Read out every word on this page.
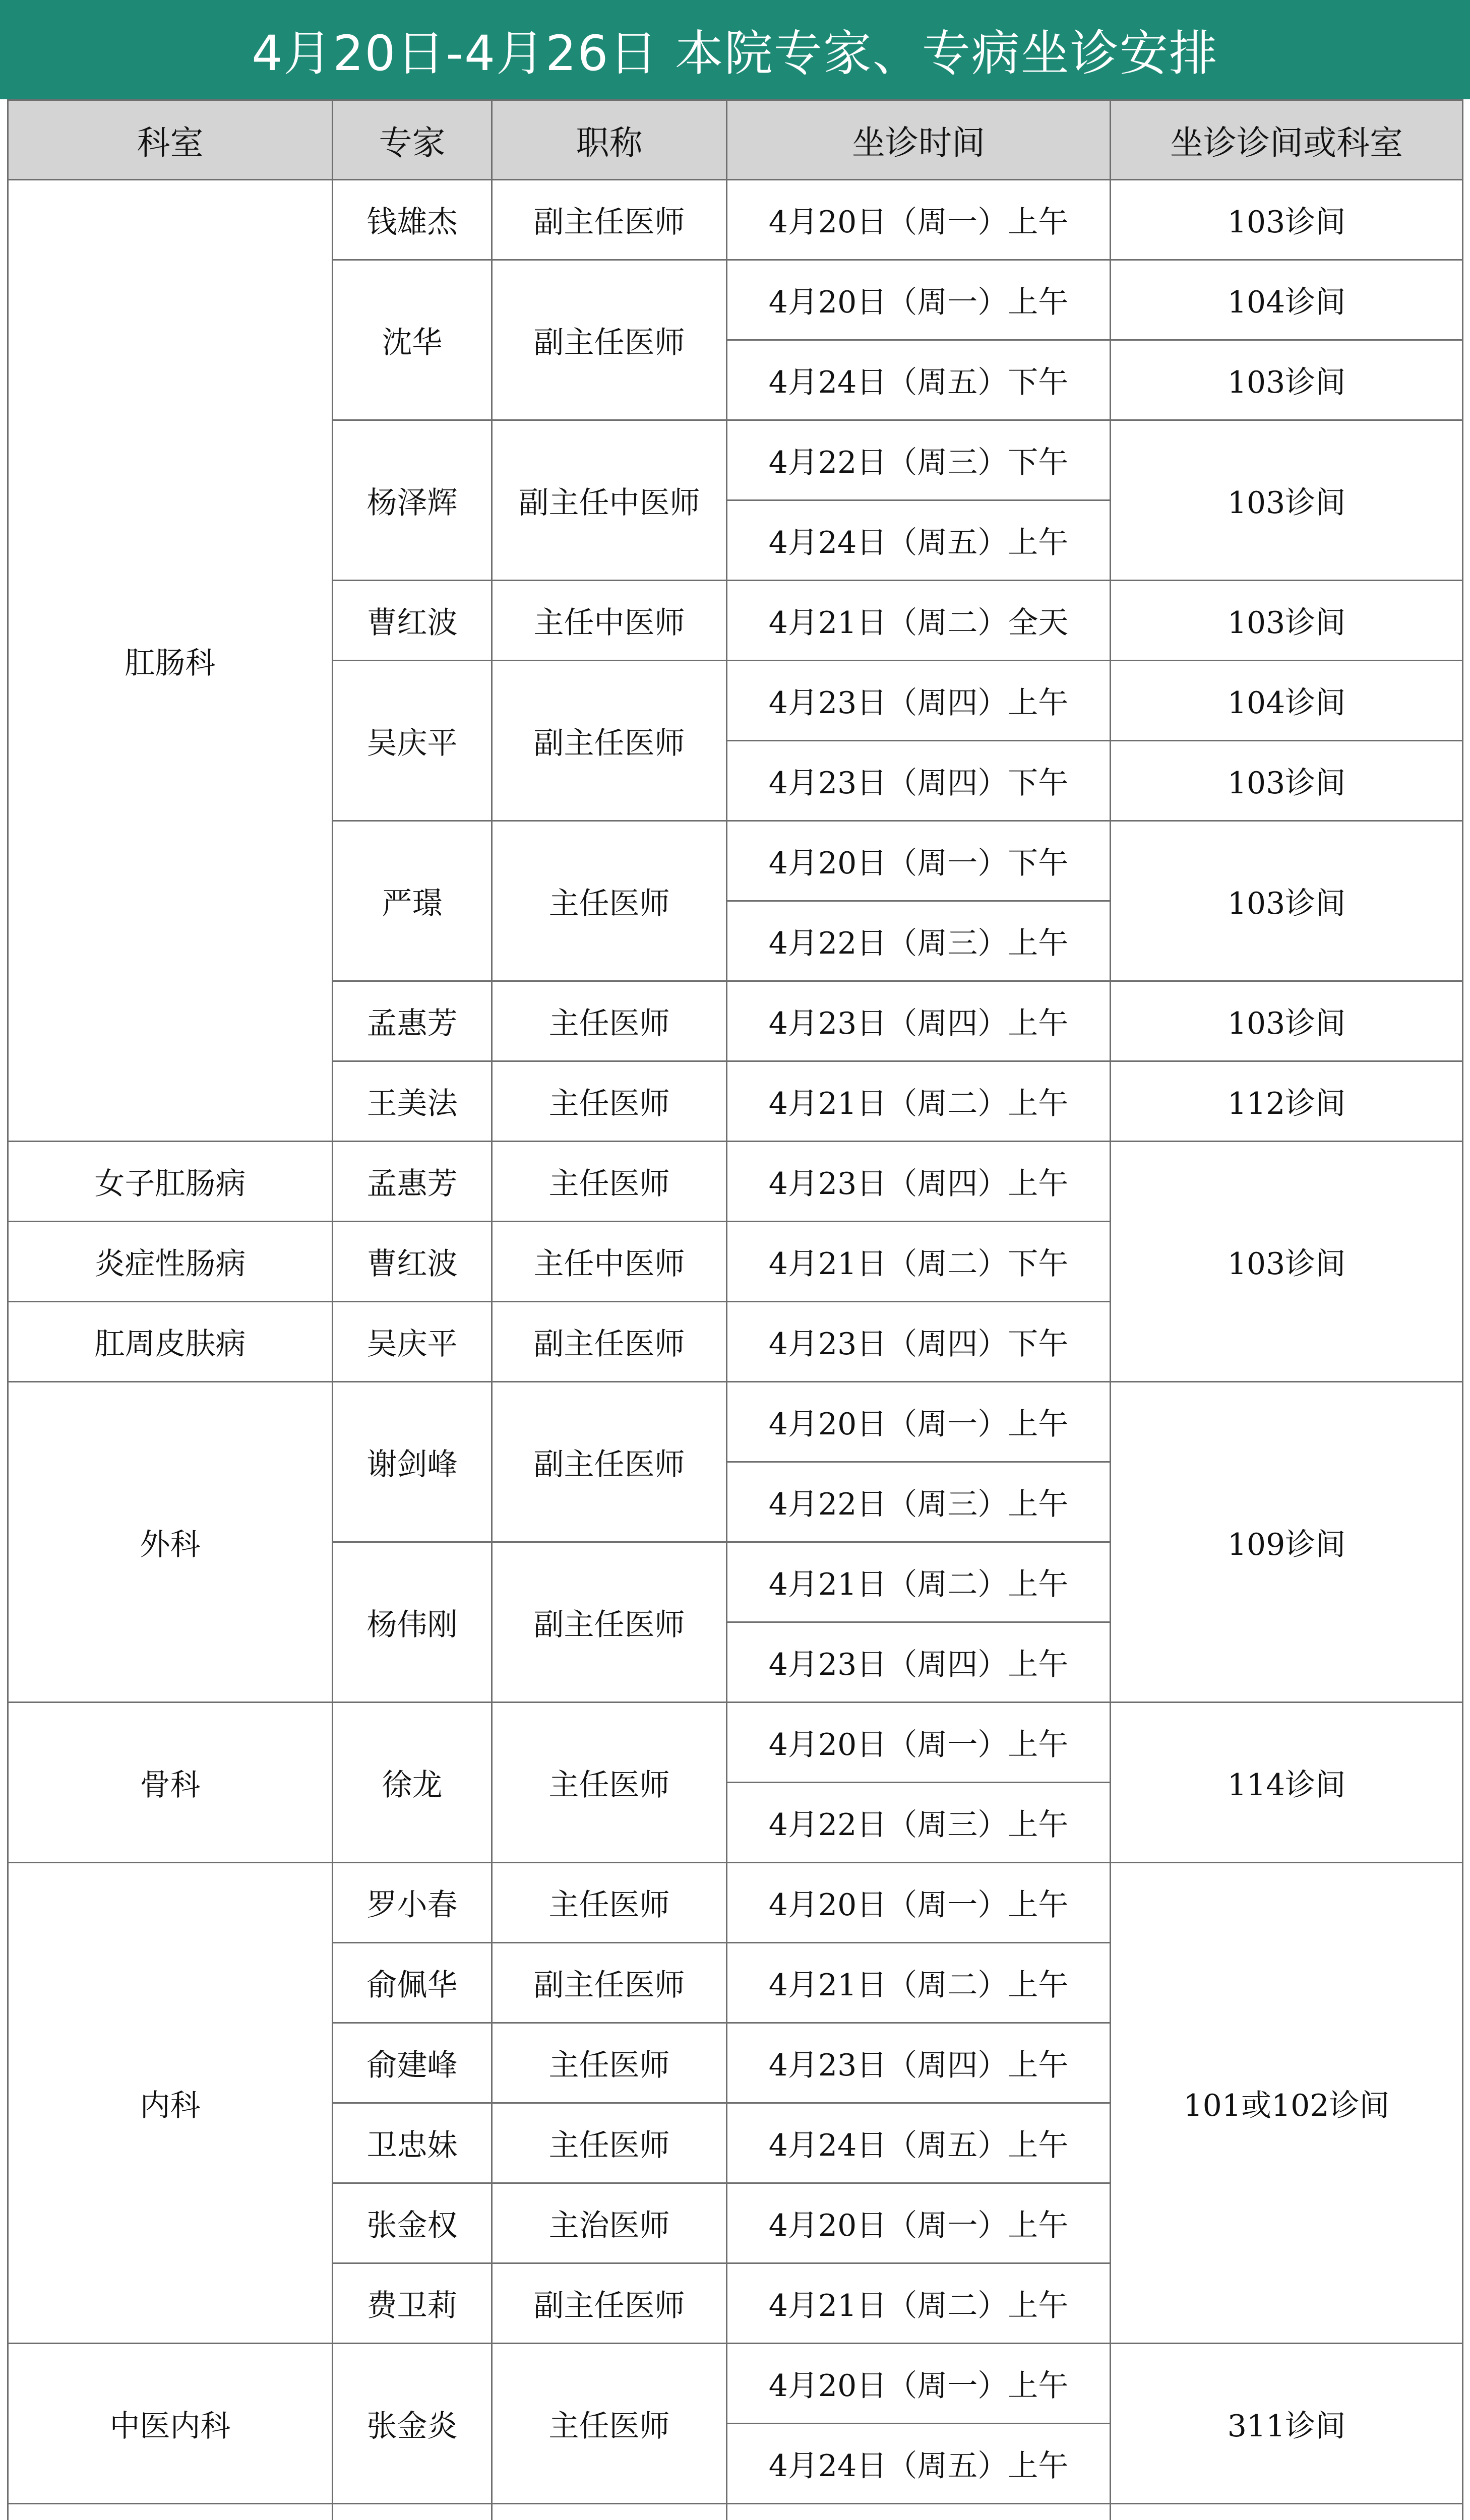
4月20日-4月26日 本院专家、专病坐诊安排
科室	专家	职称	坐诊时间	坐诊诊间或科室
肛肠科	钱雄杰	副主任医师	4月20日（周一）上午	103诊间
	沈华	副主任医师	4月20日（周一）上午	104诊间
			4月24日（周五）下午	103诊间
	杨泽辉	副主任中医师	4月22日（周三）下午	103诊间
			4月24日（周五）上午	
	曹红波	主任中医师	4月21日（周二）全天	103诊间
	吴庆平	副主任医师	4月23日（周四）上午	104诊间
			4月23日（周四）下午	103诊间
	严璟	主任医师	4月20日（周一）下午	103诊间
			4月22日（周三）上午	
	孟惠芳	主任医师	4月23日（周四）上午	103诊间
	王美法	主任医师	4月21日（周二）上午	112诊间
女子肛肠病	孟惠芳	主任医师	4月23日（周四）上午	103诊间
炎症性肠病	曹红波	主任中医师	4月21日（周二）下午	
肛周皮肤病	吴庆平	副主任医师	4月23日（周四）下午	
外科	谢剑峰	副主任医师	4月20日（周一）上午	109诊间
			4月22日（周三）上午	
	杨伟刚	副主任医师	4月21日（周二）上午	
			4月23日（周四）上午	
骨科	徐龙	主任医师	4月20日（周一）上午	114诊间
			4月22日（周三）上午	
内科	罗小春	主任医师	4月20日（周一）上午	101或102诊间
	俞佩华	副主任医师	4月21日（周二）上午	
	俞建峰	主任医师	4月23日（周四）上午	
	卫忠妹	主任医师	4月24日（周五）上午	
	张金权	主治医师	4月20日（周一）上午	
	费卫莉	副主任医师	4月21日（周二）上午	
中医内科	张金炎	主任医师	4月20日（周一）上午	311诊间
			4月24日（周五）上午	
